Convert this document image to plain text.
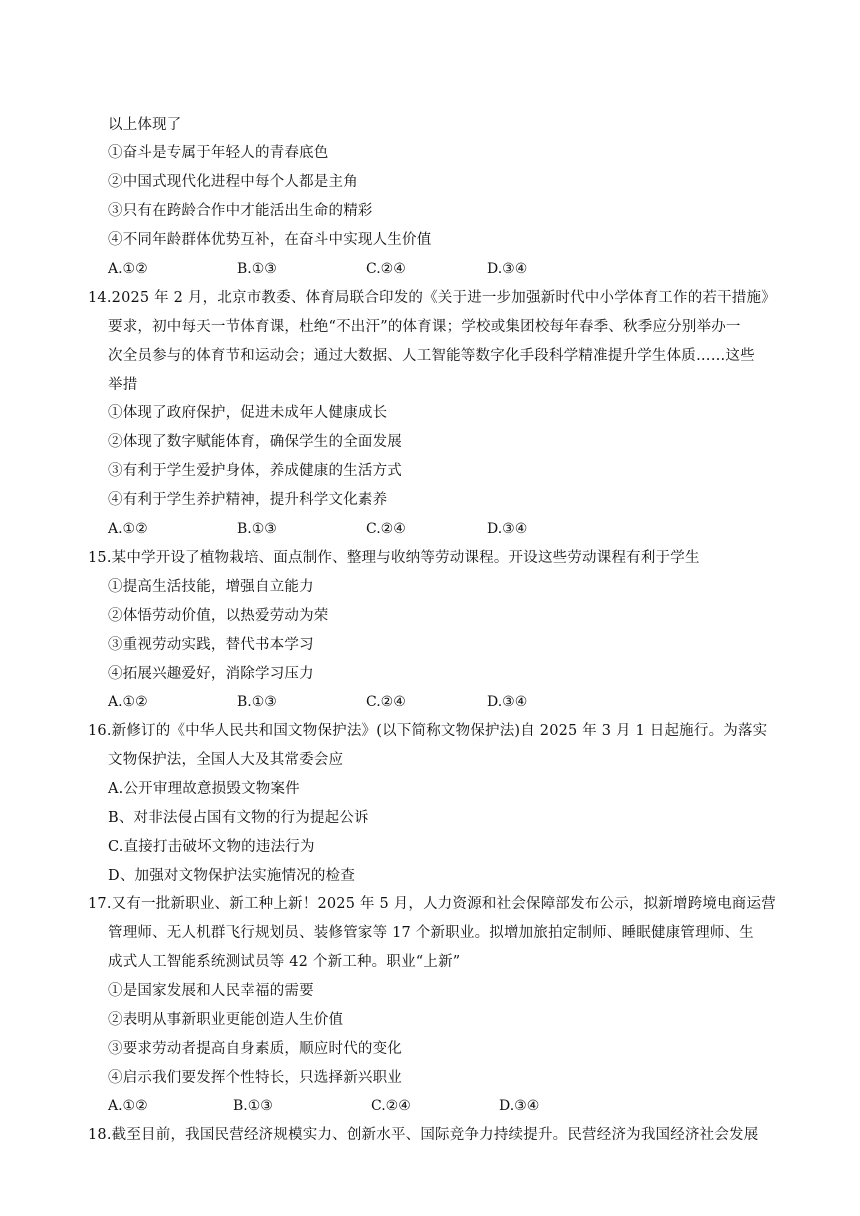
以上体现了
①奋斗是专属于年轻人的青春底色
②中国式现代化进程中每个人都是主角
③只有在跨龄合作中才能活出生命的精彩
④不同年龄群体优势互补，在奋斗中实现人生价值
A.①②	B.①③	C.②④	D.③④
14.2025 年 2 月，北京市教委、体育局联合印发的《关于进一步加强新时代中小学体育工作的若干措施》
要求，初中每天一节体育课，杜绝“不出汗”的体育课；学校或集团校每年春季、秋季应分别举办一
次全员参与的体育节和运动会；通过大数据、人工智能等数字化手段科学精准提升学生体质……这些
举措
①体现了政府保护，促进未成年人健康成长
②体现了数字赋能体育，确保学生的全面发展
③有利于学生爱护身体，养成健康的生活方式
④有利于学生养护精神，提升科学文化素养
A.①②	B.①③	C.②④	D.③④
15.某中学开设了植物栽培、面点制作、整理与收纳等劳动课程。开设这些劳动课程有利于学生
①提高生活技能，增强自立能力
②体悟劳动价值，以热爱劳动为荣
③重视劳动实践，替代书本学习
④拓展兴趣爱好，消除学习压力
A.①②	B.①③	C.②④	D.③④
16.新修订的《中华人民共和国文物保护法》(以下简称文物保护法)自 2025 年 3 月 1 日起施行。为落实
文物保护法，全国人大及其常委会应
A.公开审理故意损毁文物案件
B、对非法侵占国有文物的行为提起公诉
C.直接打击破坏文物的违法行为
D、加强对文物保护法实施情况的检查
17.又有一批新职业、新工种上新！2025 年 5 月，人力资源和社会保障部发布公示，拟新增跨境电商运营
管理师、无人机群飞行规划员、装修管家等 17 个新职业。拟增加旅拍定制师、睡眠健康管理师、生
成式人工智能系统测试员等 42 个新工种。职业“上新”
①是国家发展和人民幸福的需要
②表明从事新职业更能创造人生价值
③要求劳动者提高自身素质，顺应时代的变化
④启示我们要发挥个性特长，只选择新兴职业
A.①②	B.①③	C.②④	D.③④
18.截至目前，我国民营经济规模实力、创新水平、国际竞争力持续提升。民营经济为我国经济社会发展
